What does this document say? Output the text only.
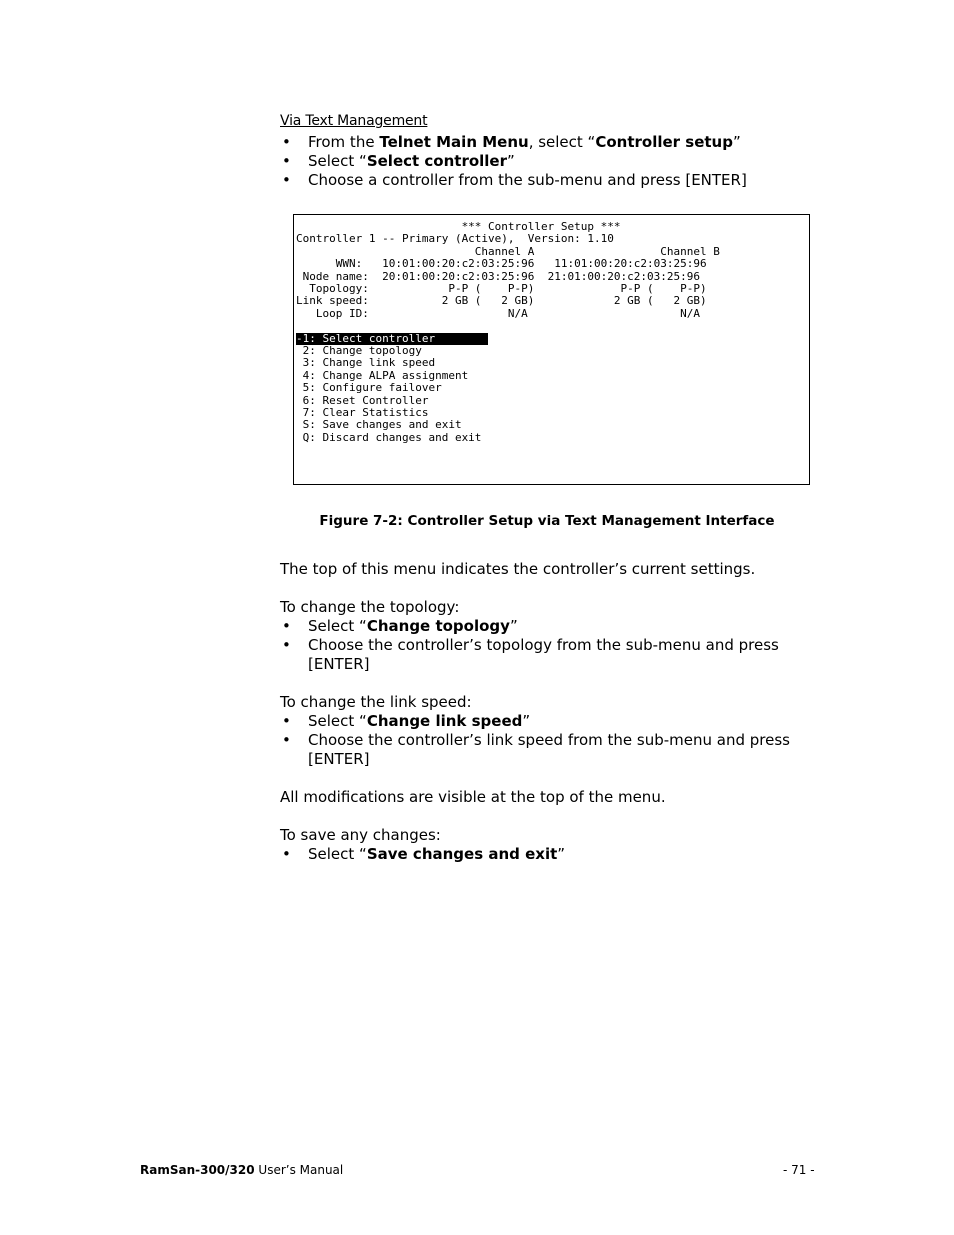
Via Text Management
• From the Telnet Main Menu, select “Controller setup”
• Select “Select controller”
• Choose a controller from the sub-menu and press [ENTER]
*** Controller Setup ***
Controller 1 -- Primary (Active),  Version: 1.10
Channel A                   Channel B
WWN:   10:01:00:20:c2:03:25:96   11:01:00:20:c2:03:25:96
Node name:  20:01:00:20:c2:03:25:96  21:01:00:20:c2:03:25:96
Topology:            P-P (    P-P)             P-P (    P-P)
Link speed:           2 GB (   2 GB)            2 GB (   2 GB)
Loop ID:                     N/A                       N/A
-1: Select controller
2: Change topology
3: Change link speed
4: Change ALPA assignment
5: Configure failover
6: Reset Controller
7: Clear Statistics
S: Save changes and exit
Q: Discard changes and exit
Figure 7-2: Controller Setup via Text Management Interface
The top of this menu indicates the controller’s current settings.
To change the topology:
• Select “Change topology”
• Choose the controller’s topology from the sub-menu and press [ENTER]
To change the link speed:
• Select “Change link speed”
• Choose the controller’s link speed from the sub-menu and press [ENTER]
All modifications are visible at the top of the menu.
To save any changes:
• Select “Save changes and exit”
RamSan-300/320 User’s Manual	- 71 -
